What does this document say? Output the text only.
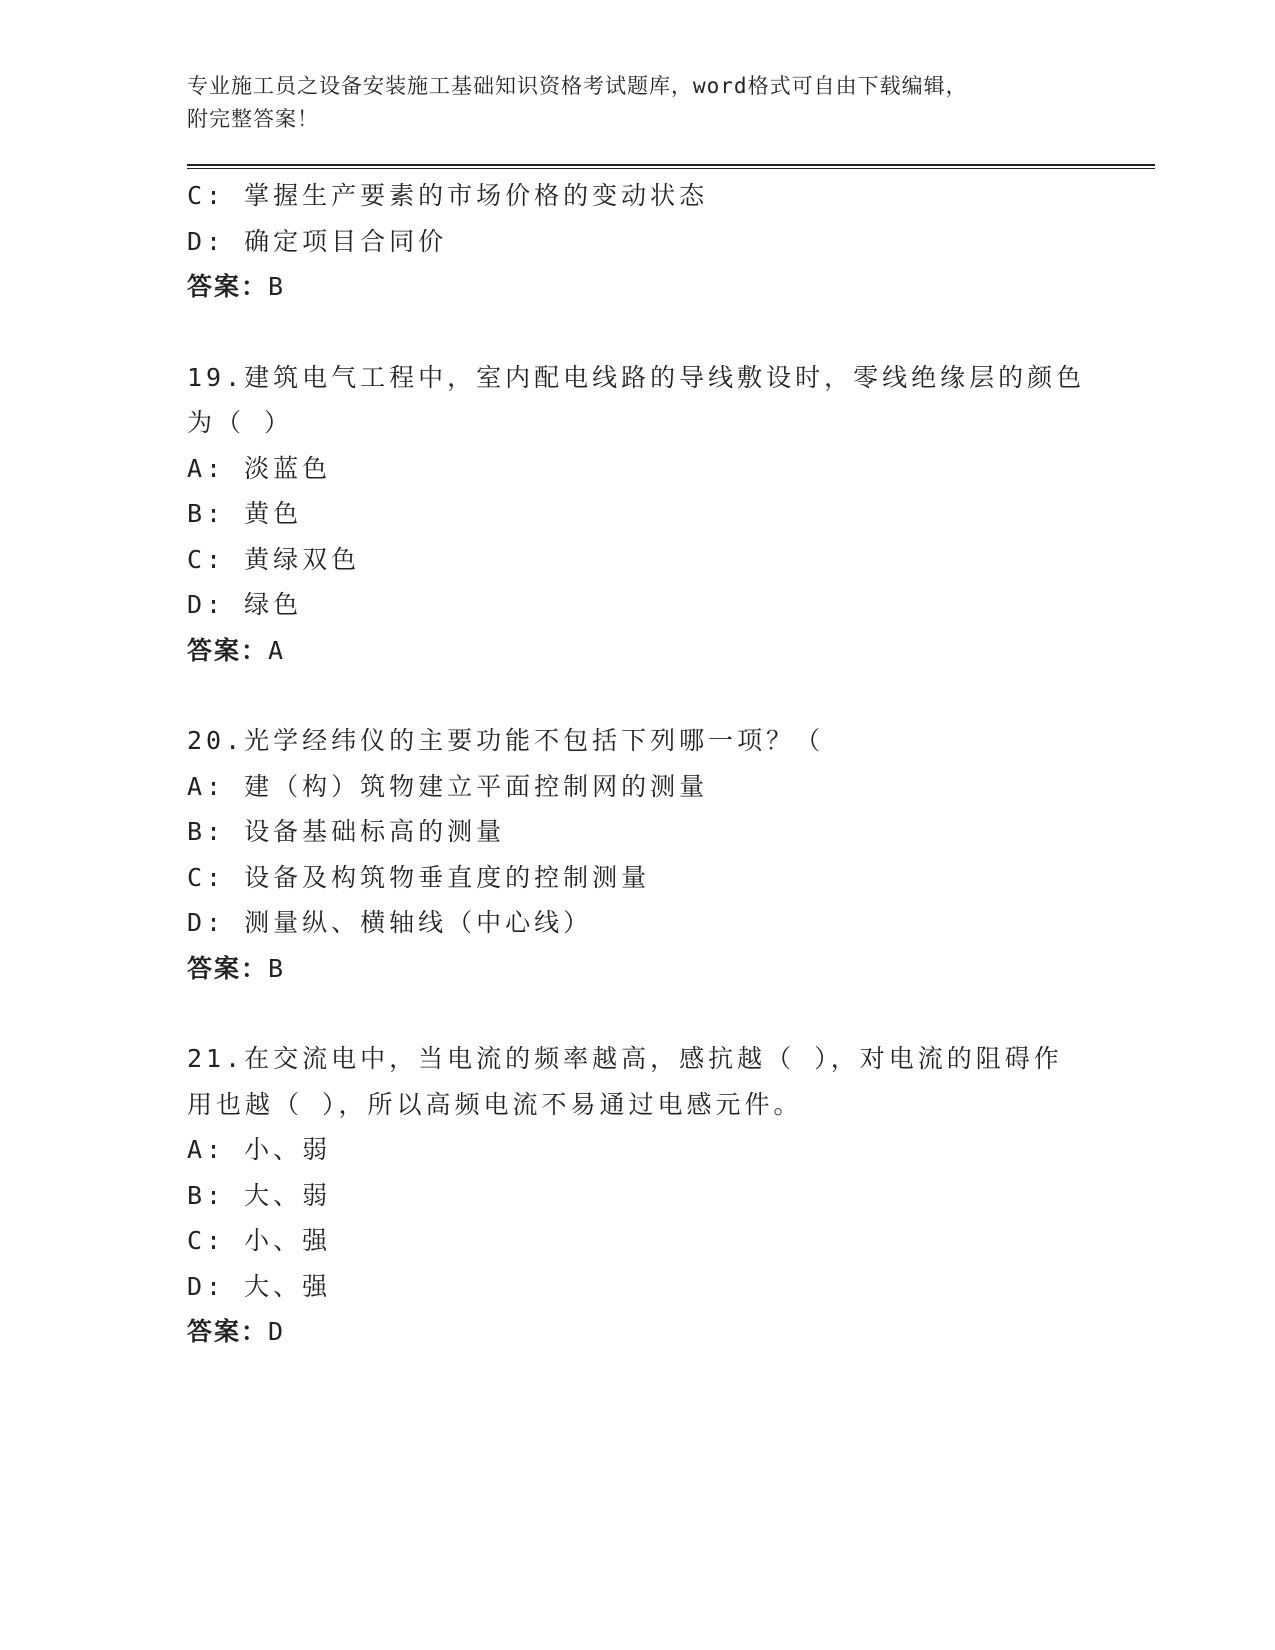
专业施工员之设备安装施工基础知识资格考试题库，word格式可自由下载编辑，
附完整答案！
C: 掌握生产要素的市场价格的变动状态
D: 确定项目合同价
答案：B
19.建筑电气工程中，室内配电线路的导线敷设时，零线绝缘层的颜色
为（ ）
A: 淡蓝色
B: 黄色
C: 黄绿双色
D: 绿色
答案：A
20.光学经纬仪的主要功能不包括下列哪一项？（
A: 建（构）筑物建立平面控制网的测量
B: 设备基础标高的测量
C: 设备及构筑物垂直度的控制测量
D: 测量纵、横轴线（中心线）
答案：B
21.在交流电中，当电流的频率越高，感抗越（ ），对电流的阻碍作
用也越（ ），所以高频电流不易通过电感元件。
A: 小、弱
B: 大、弱
C: 小、强
D: 大、强
答案：D
